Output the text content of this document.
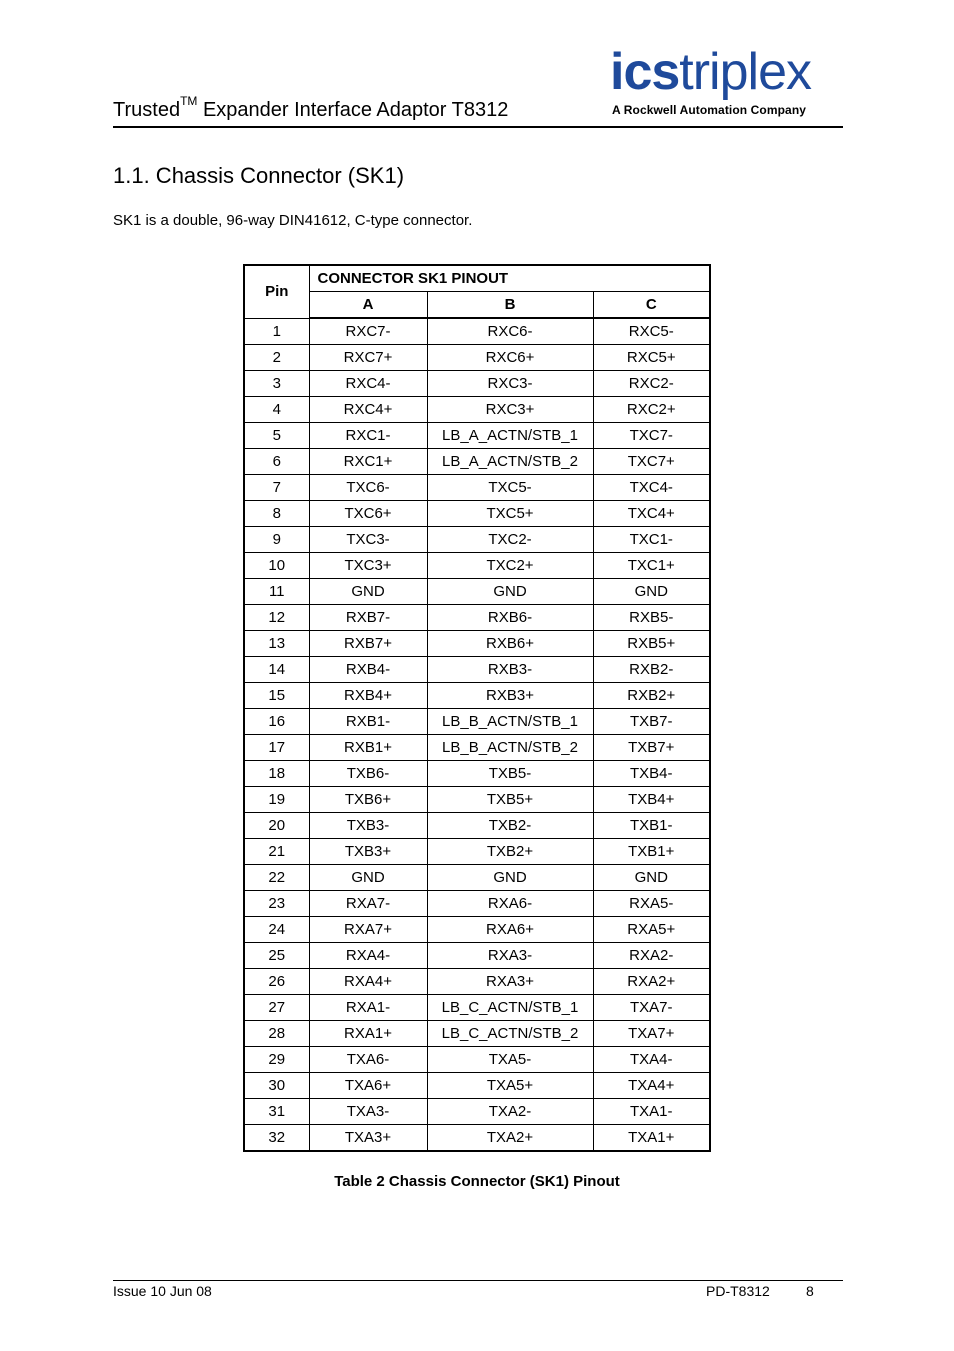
Trusted™ Expander Interface Adaptor T8312
icstriplex
A Rockwell Automation Company
1.1. Chassis Connector (SK1)
SK1 is a double, 96-way DIN41612, C-type connector.
Pin	CONNECTOR SK1 PINOUT		
	A	B	C
1	RXC7-	RXC6-	RXC5-
2	RXC7+	RXC6+	RXC5+
3	RXC4-	RXC3-	RXC2-
4	RXC4+	RXC3+	RXC2+
5	RXC1-	LB_A_ACTN/STB_1	TXC7-
6	RXC1+	LB_A_ACTN/STB_2	TXC7+
7	TXC6-	TXC5-	TXC4-
8	TXC6+	TXC5+	TXC4+
9	TXC3-	TXC2-	TXC1-
10	TXC3+	TXC2+	TXC1+
11	GND	GND	GND
12	RXB7-	RXB6-	RXB5-
13	RXB7+	RXB6+	RXB5+
14	RXB4-	RXB3-	RXB2-
15	RXB4+	RXB3+	RXB2+
16	RXB1-	LB_B_ACTN/STB_1	TXB7-
17	RXB1+	LB_B_ACTN/STB_2	TXB7+
18	TXB6-	TXB5-	TXB4-
19	TXB6+	TXB5+	TXB4+
20	TXB3-	TXB2-	TXB1-
21	TXB3+	TXB2+	TXB1+
22	GND	GND	GND
23	RXA7-	RXA6-	RXA5-
24	RXA7+	RXA6+	RXA5+
25	RXA4-	RXA3-	RXA2-
26	RXA4+	RXA3+	RXA2+
27	RXA1-	LB_C_ACTN/STB_1	TXA7-
28	RXA1+	LB_C_ACTN/STB_2	TXA7+
29	TXA6-	TXA5-	TXA4-
30	TXA6+	TXA5+	TXA4+
31	TXA3-	TXA2-	TXA1-
32	TXA3+	TXA2+	TXA1+
Table 2 Chassis Connector (SK1) Pinout
Issue 10 Jun 08	PD-T8312	8
